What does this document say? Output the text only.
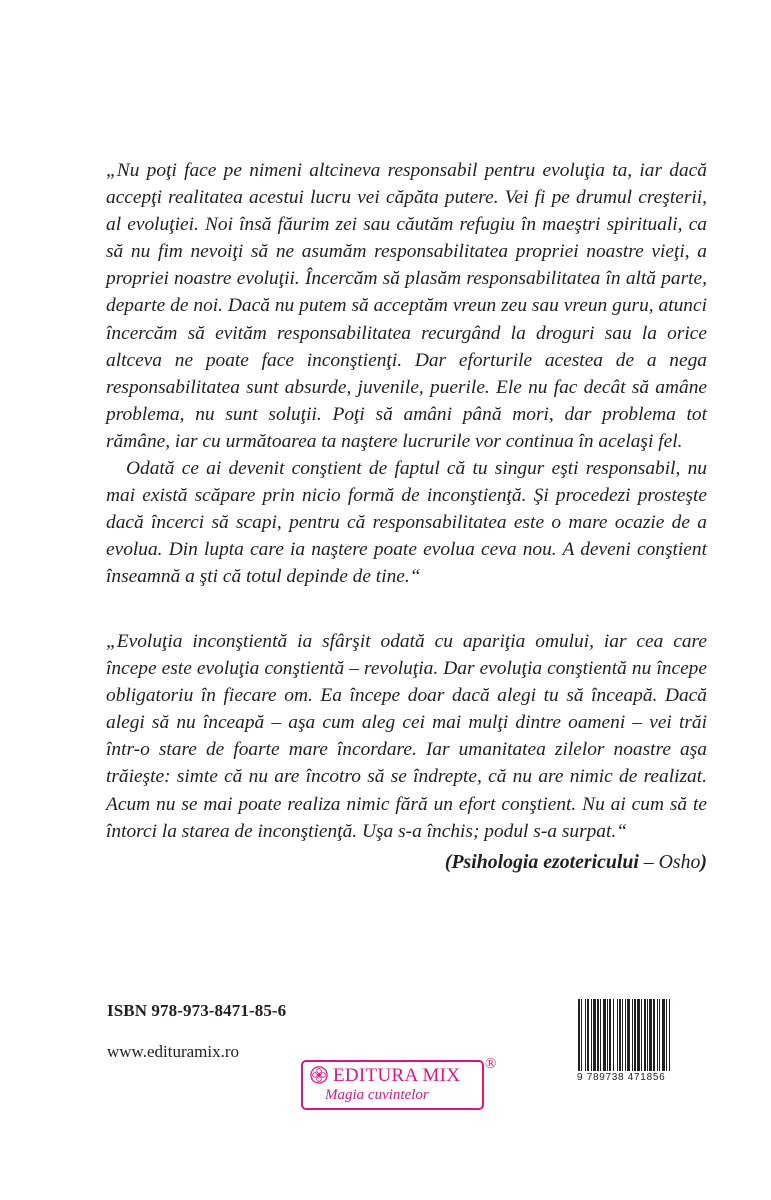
„Nu poţi face pe nimeni altcineva responsabil pentru evoluţia ta, iar dacă accepţi realitatea acestui lucru vei căpăta putere. Vei fi pe drumul creşterii, al evoluţiei. Noi însă făurim zei sau căutăm refugiu în maeştri spirituali, ca să nu fim nevoiţi să ne asumăm responsabilitatea propriei noastre vieţi, a propriei noastre evoluţii. Încercăm să plasăm responsabilitatea în altă parte, departe de noi. Dacă nu putem să acceptăm vreun zeu sau vreun guru, atunci încercăm să evităm responsabilitatea recurgând la droguri sau la orice altceva ne poate face inconştienţi. Dar eforturile acestea de a nega responsabilitatea sunt absurde, juvenile, puerile. Ele nu fac decât să amâne problema, nu sunt soluţii. Poţi să amâni până mori, dar problema tot rămâne, iar cu următoarea ta naştere lucrurile vor continua în acelaşi fel.

Odată ce ai devenit conştient de faptul că tu singur eşti responsabil, nu mai există scăpare prin nicio formă de inconştienţă. Şi procedezi prosteşte dacă încerci să scapi, pentru că responsabilitatea este o mare ocazie de a evolua. Din lupta care ia naştere poate evolua ceva nou. A deveni conştient înseamnă a şti că totul depinde de tine.“

„Evoluţia inconştientă ia sfârşit odată cu apariţia omului, iar cea care începe este evoluţia conştientă – revoluţia. Dar evoluţia conştientă nu începe obligatoriu în fiecare om. Ea începe doar dacă alegi tu să înceapă. Dacă alegi să nu înceapă – aşa cum aleg cei mai mulţi dintre oameni – vei trăi într-o stare de foarte mare încordare. Iar umanitatea zilelor noastre aşa trăieşte: simte că nu are încotro să se îndrepte, că nu are nimic de realizat. Acum nu se mai poate realiza nimic fără un efort conştient. Nu ai cum să te întorci la starea de inconştienţă. Uşa s-a închis; podul s-a surpat.“

(Psihologia ezotericului – Osho)
ISBN 978-973-8471-85-6
www.edituramix.ro
EDITURA MIX
Magia cuvintelor
®
9 789738 471856
